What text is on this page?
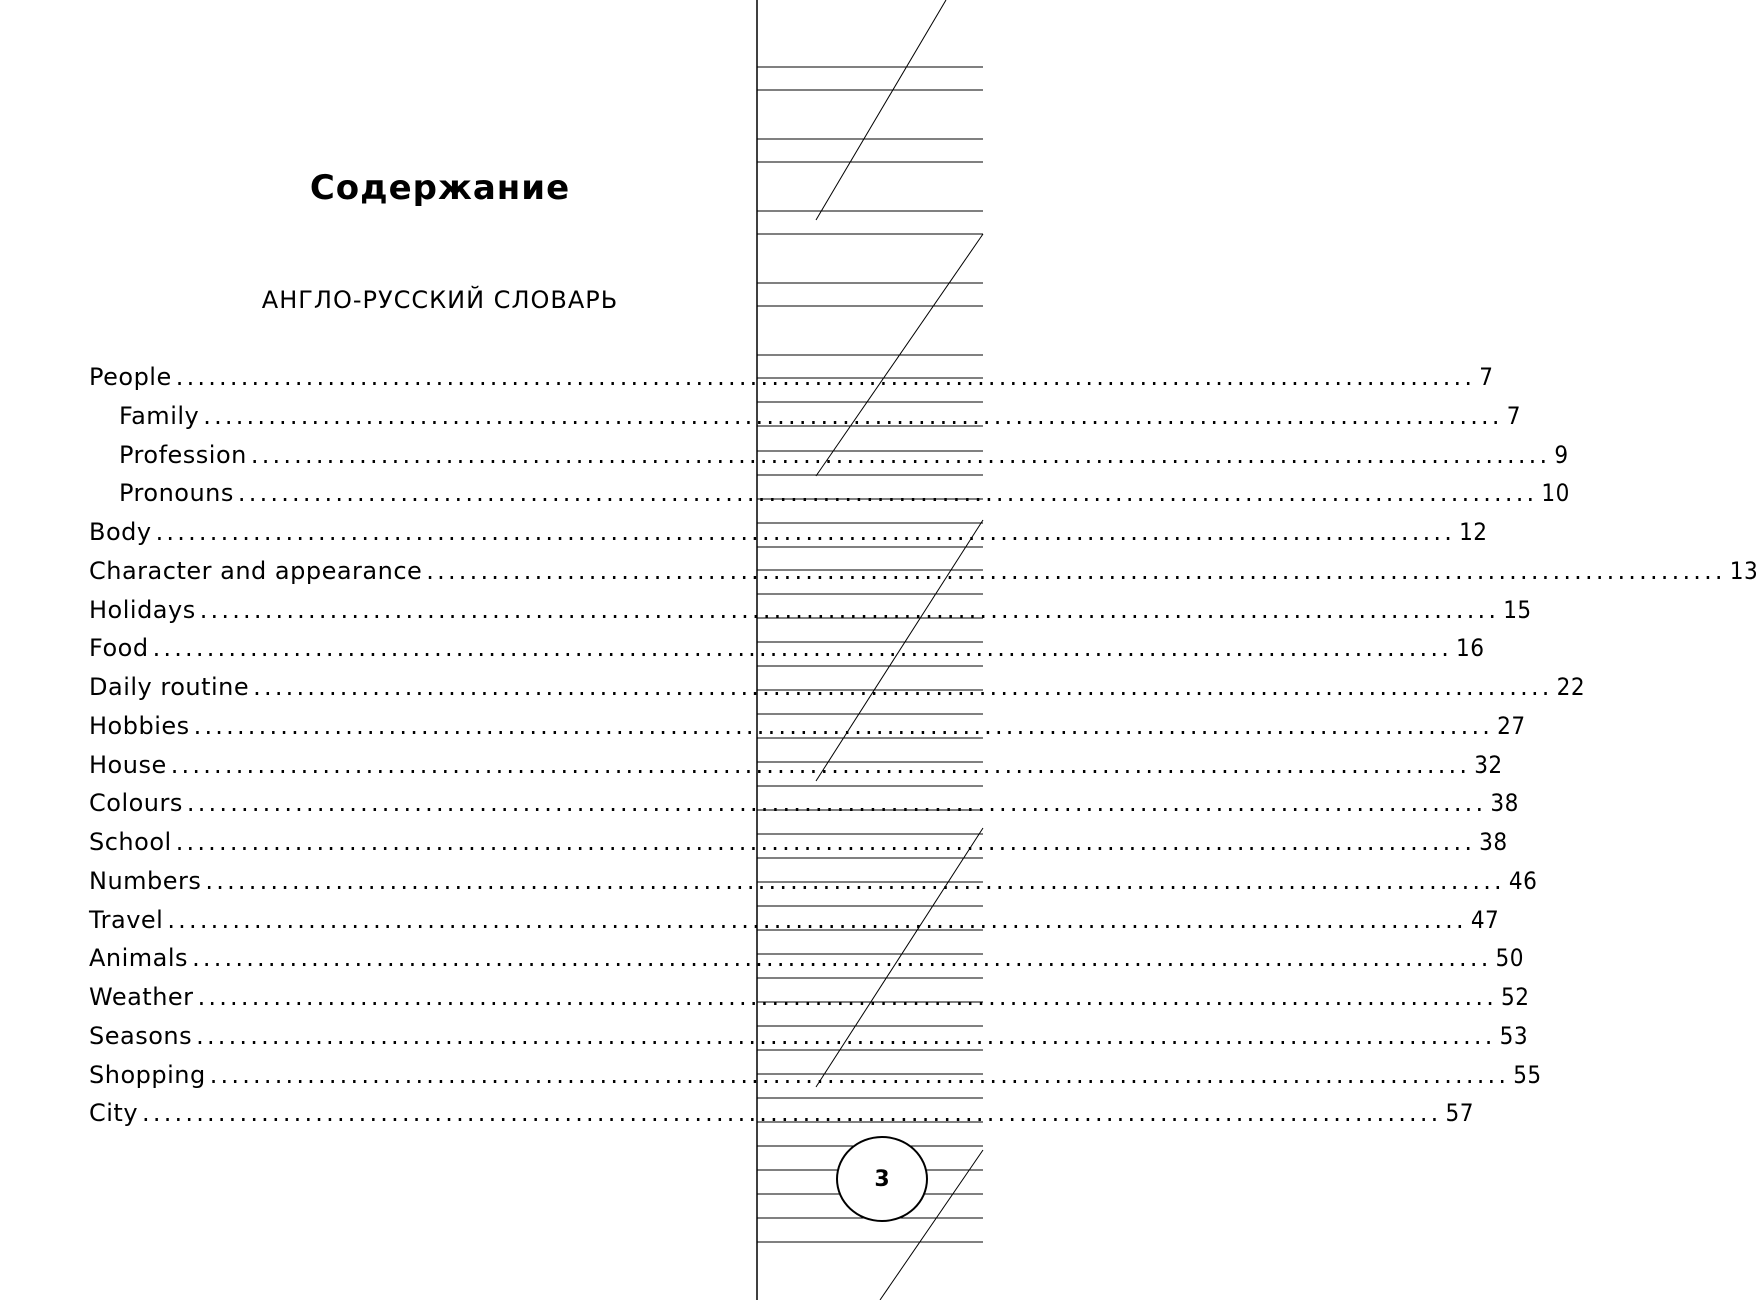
Содержание
АНГЛО-РУССКИЙ СЛОВАРЬ
People ........................................................................................................................ 7
Family ........................................................................................................................ 7
Profession ........................................................................................................................ 9
Pronouns ........................................................................................................................ 10
Body ........................................................................................................................ 12
Character and appearance ........................................................................................................................ 13
Holidays ........................................................................................................................ 15
Food ........................................................................................................................ 16
Daily routine ........................................................................................................................ 22
Hobbies ........................................................................................................................ 27
House ........................................................................................................................ 32
Colours ........................................................................................................................ 38
School ........................................................................................................................ 38
Numbers ........................................................................................................................ 46
Travel ........................................................................................................................ 47
Animals ........................................................................................................................ 50
Weather ........................................................................................................................ 52
Seasons ........................................................................................................................ 53
Shopping ........................................................................................................................ 55
City ........................................................................................................................ 57
3
